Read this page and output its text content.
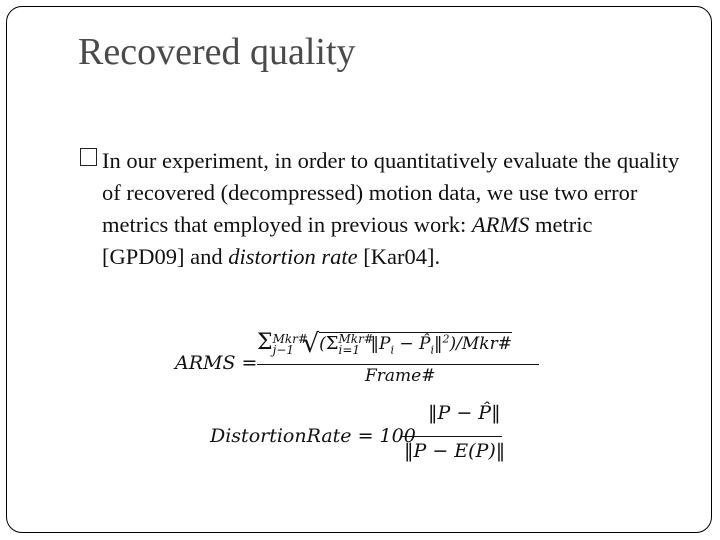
Recovered quality
In our experiment, in order to quantitatively evaluate the quality of recovered (decompressed) motion data, we use two error metrics that employed in previous work: ARMS metric [GPD09] and distortion rate [Kar04].
ARMS =
Σ Mkr#
j−1 √(Σ Mkr#
i=1 $‖P_i$ − $P̂_i‖^2)/Mkr\#$
Frame#
DistortionRate = 100
‖P − P̂‖
‖P − E(P)‖
